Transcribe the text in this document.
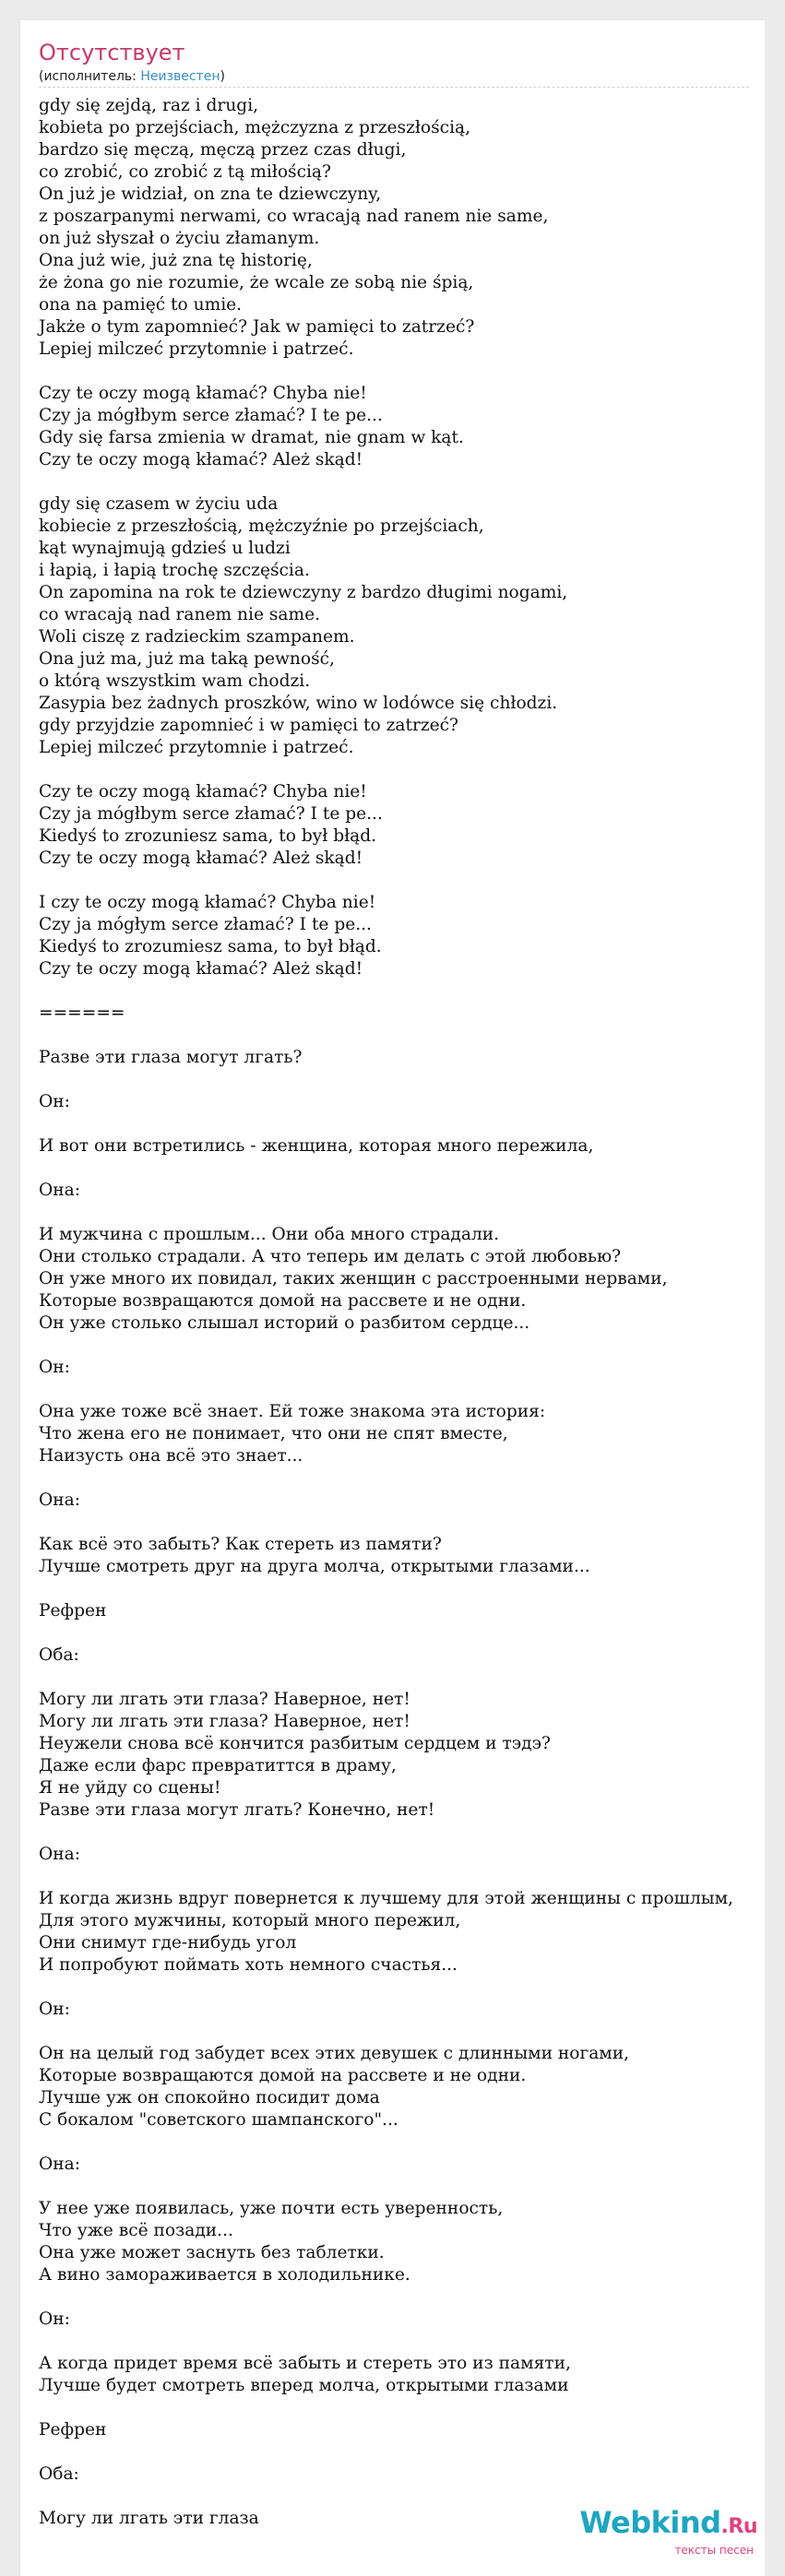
Отсутствует
(исполнитель: Неизвестен)
gdy się zejdą, raz i drugi,
kobieta po przejściach, mężczyzna z przeszłością,
bardzo się męczą, męczą przez czas długi,
co zrobić, co zrobić z tą miłością?
On już je widział, on zna te dziewczyny,
z poszarpanymi nerwami, co wracają nad ranem nie same,
on już słyszał o życiu złamanym.
Ona już wie, już zna tę historię,
że żona go nie rozumie, że wcale ze sobą nie śpią,
ona na pamięć to umie.
Jakże o tym zapomnieć? Jak w pamięci to zatrzeć?
Lepiej milczeć przytomnie i patrzeć.
Czy te oczy mogą kłamać? Chyba nie!
Czy ja mógłbym serce złamać? I te pe...
Gdy się farsa zmienia w dramat, nie gnam w kąt.
Czy te oczy mogą kłamać? Ależ skąd!
gdy się czasem w życiu uda
kobiecie z przeszłością, mężczyźnie po przejściach,
kąt wynajmują gdzieś u ludzi
i łapią, i łapią trochę szczęścia.
On zapomina na rok te dziewczyny z bardzo długimi nogami,
co wracają nad ranem nie same.
Woli ciszę z radzieckim szampanem.
Ona już ma, już ma taką pewność,
o którą wszystkim wam chodzi.
Zasypia bez żadnych proszków, wino w lodówce się chłodzi.
gdy przyjdzie zapomnieć i w pamięci to zatrzeć?
Lepiej milczeć przytomnie i patrzeć.
Czy te oczy mogą kłamać? Chyba nie!
Czy ja mógłbym serce złamać? I te pe...
Kiedyś to zrozuniesz sama, to był błąd.
Czy te oczy mogą kłamać? Ależ skąd!
I czy te oczy mogą kłamać? Chyba nie!
Czy ja mógłym serce złamać? I te pe...
Kiedyś to zrozumiesz sama, to był błąd.
Czy te oczy mogą kłamać? Ależ skąd!
======
Разве эти глаза могут лгать?
Он:
И вот они встретились - женщина, которая много пережила,
Она:
И мужчина с прошлым... Они оба много страдали.
Они столько страдали. А что теперь им делать с этой любовью?
Он уже много их повидал, таких женщин с расстроенными нервами,
Которые возвращаются домой на рассвете и не одни.
Он уже столько слышал историй о разбитом сердце...
Он:
Она уже тоже всё знает. Ей тоже знакома эта история:
Что жена его не понимает, что они не спят вместе,
Наизусть она всё это знает...
Она:
Как всё это забыть? Как стереть из памяти?
Лучше смотреть друг на друга молча, открытыми глазами...
Рефрен
Оба:
Могу ли лгать эти глаза? Наверное, нет!
Могу ли лгать эти глаза? Наверное, нет!
Неужели снова всё кончится разбитым сердцем и тэдэ?
Даже если фарс превратиттся в драму,
Я не уйду со сцены!
Разве эти глаза могут лгать? Конечно, нет!
Она:
И когда жизнь вдруг повернется к лучшему для этой женщины с прошлым,
Для этого мужчины, который много пережил,
Они снимут где-нибудь угол
И попробуют поймать хоть немного счастья...
Он:
Он на целый год забудет всех этих девушек с длинными ногами,
Которые возвращаются домой на рассвете и не одни.
Лучше уж он спокойно посидит дома
С бокалом "советского шампанского"...
Она:
У нее уже появилась, уже почти есть уверенность,
Что уже всё позади...
Она уже может заснуть без таблетки.
А вино замораживается в холодильнике.
Он:
А когда придет время всё забыть и стереть это из памяти,
Лучше будет смотреть вперед молча, открытыми глазами
Рефрен
Оба:
Могу ли лгать эти глаза	Webkind.Ru
тексты песен
